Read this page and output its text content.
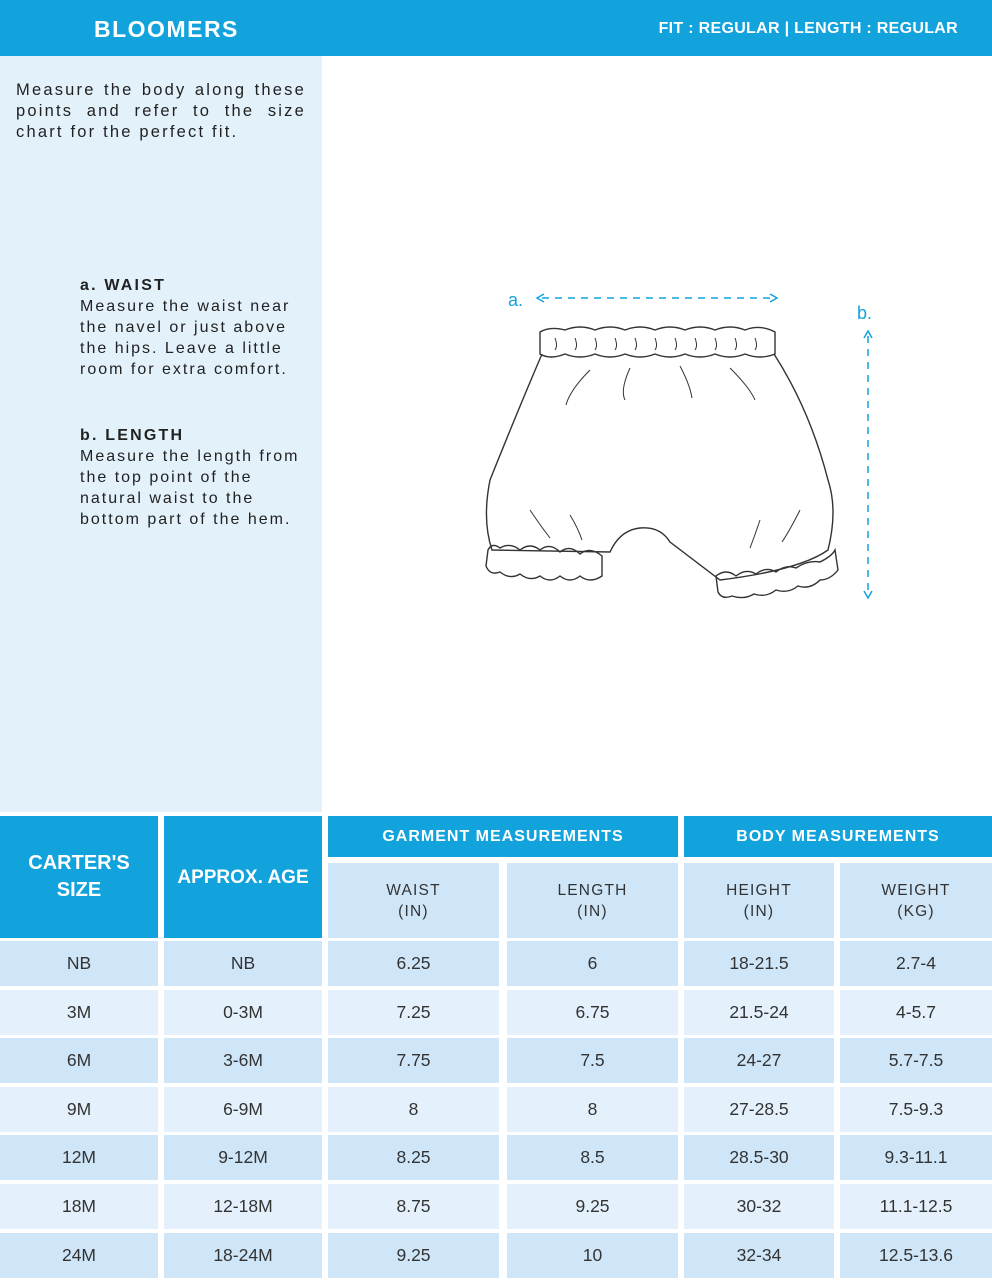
BLOOMERS	FIT : REGULAR | LENGTH : REGULAR
Measure the body along these points and refer to the size chart for the perfect fit.
a. WAIST
Measure the waist near the navel or just above the hips. Leave a little room for extra comfort.
b. LENGTH
Measure the length from the top point of the natural waist to the bottom part of the hem.
a.
b.
CARTER'S SIZE
APPROX. AGE
GARMENT MEASUREMENTS	BODY MEASUREMENTS
WAIST
(IN)
LENGTH
(IN)
HEIGHT
(IN)
WEIGHT
(KG)
NB	NB	6.25	6	18-21.5	2.7-4
3M	0-3M	7.25	6.75	21.5-24	4-5.7
6M	3-6M	7.75	7.5	24-27	5.7-7.5
9M	6-9M	8	8	27-28.5	7.5-9.3
12M	9-12M	8.25	8.5	28.5-30	9.3-11.1
18M	12-18M	8.75	9.25	30-32	11.1-12.5
24M	18-24M	9.25	10	32-34	12.5-13.6
